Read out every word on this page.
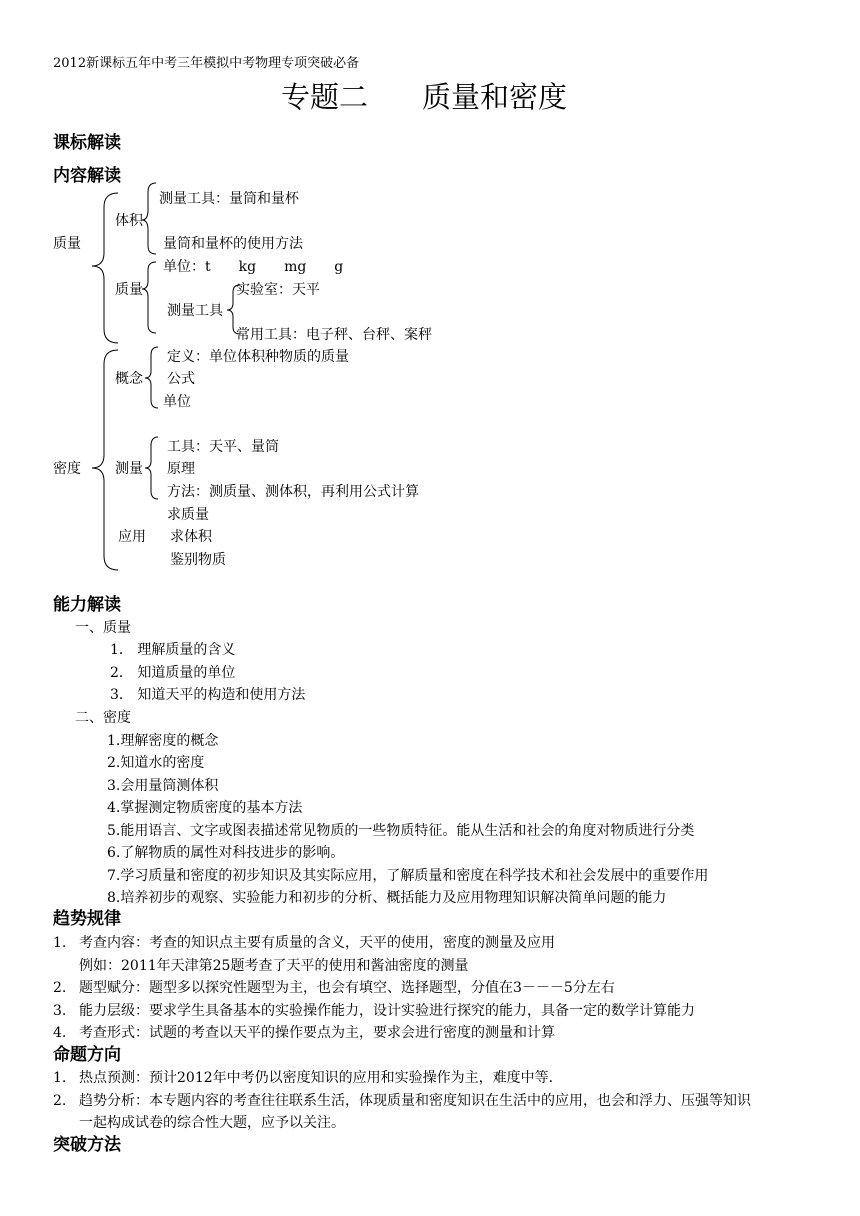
2012新课标五年中考三年模拟中考物理专项突破必备
专题二 质量和密度
课标解读
内容解读
质量
体积
测量工具：量筒和量杯
量筒和量杯的使用方法
质量
单位：t　　kg　　mg　　g
测量工具
实验室：天平
常用工具：电子秤、台秤、案秤
密度
概念
定义：单位体积种物质的质量
公式
单位
测量
工具：天平、量筒
原理
方法：测质量、测体积，再利用公式计算
应用
求质量
求体积
鉴别物质
能力解读
一、质量
1． 理解质量的含义
2． 知道质量的单位
3． 知道天平的构造和使用方法
二、密度
1.理解密度的概念
2.知道水的密度
3.会用量筒测体积
4.掌握测定物质密度的基本方法
5.能用语言、文字或图表描述常见物质的一些物质特征。能从生活和社会的角度对物质进行分类
6.了解物质的属性对科技进步的影响。
7.学习质量和密度的初步知识及其实际应用，了解质量和密度在科学技术和社会发展中的重要作用
8.培养初步的观察、实验能力和初步的分析、概括能力及应用物理知识解决简单问题的能力
趋势规律
1. 考查内容：考查的知识点主要有质量的含义，天平的使用，密度的测量及应用
例如：2011年天津第25题考查了天平的使用和酱油密度的测量
2. 题型赋分：题型多以探究性题型为主，也会有填空、选择题型，分值在3－－－5分左右
3. 能力层级：要求学生具备基本的实验操作能力，设计实验进行探究的能力，具备一定的数学计算能力
4. 考查形式：试题的考查以天平的操作要点为主，要求会进行密度的测量和计算
命题方向
1. 热点预测：预计2012年中考仍以密度知识的应用和实验操作为主，难度中等.
2. 趋势分析：本专题内容的考查往往联系生活，体现质量和密度知识在生活中的应用，也会和浮力、压强等知识
一起构成试卷的综合性大题，应予以关注。
突破方法
